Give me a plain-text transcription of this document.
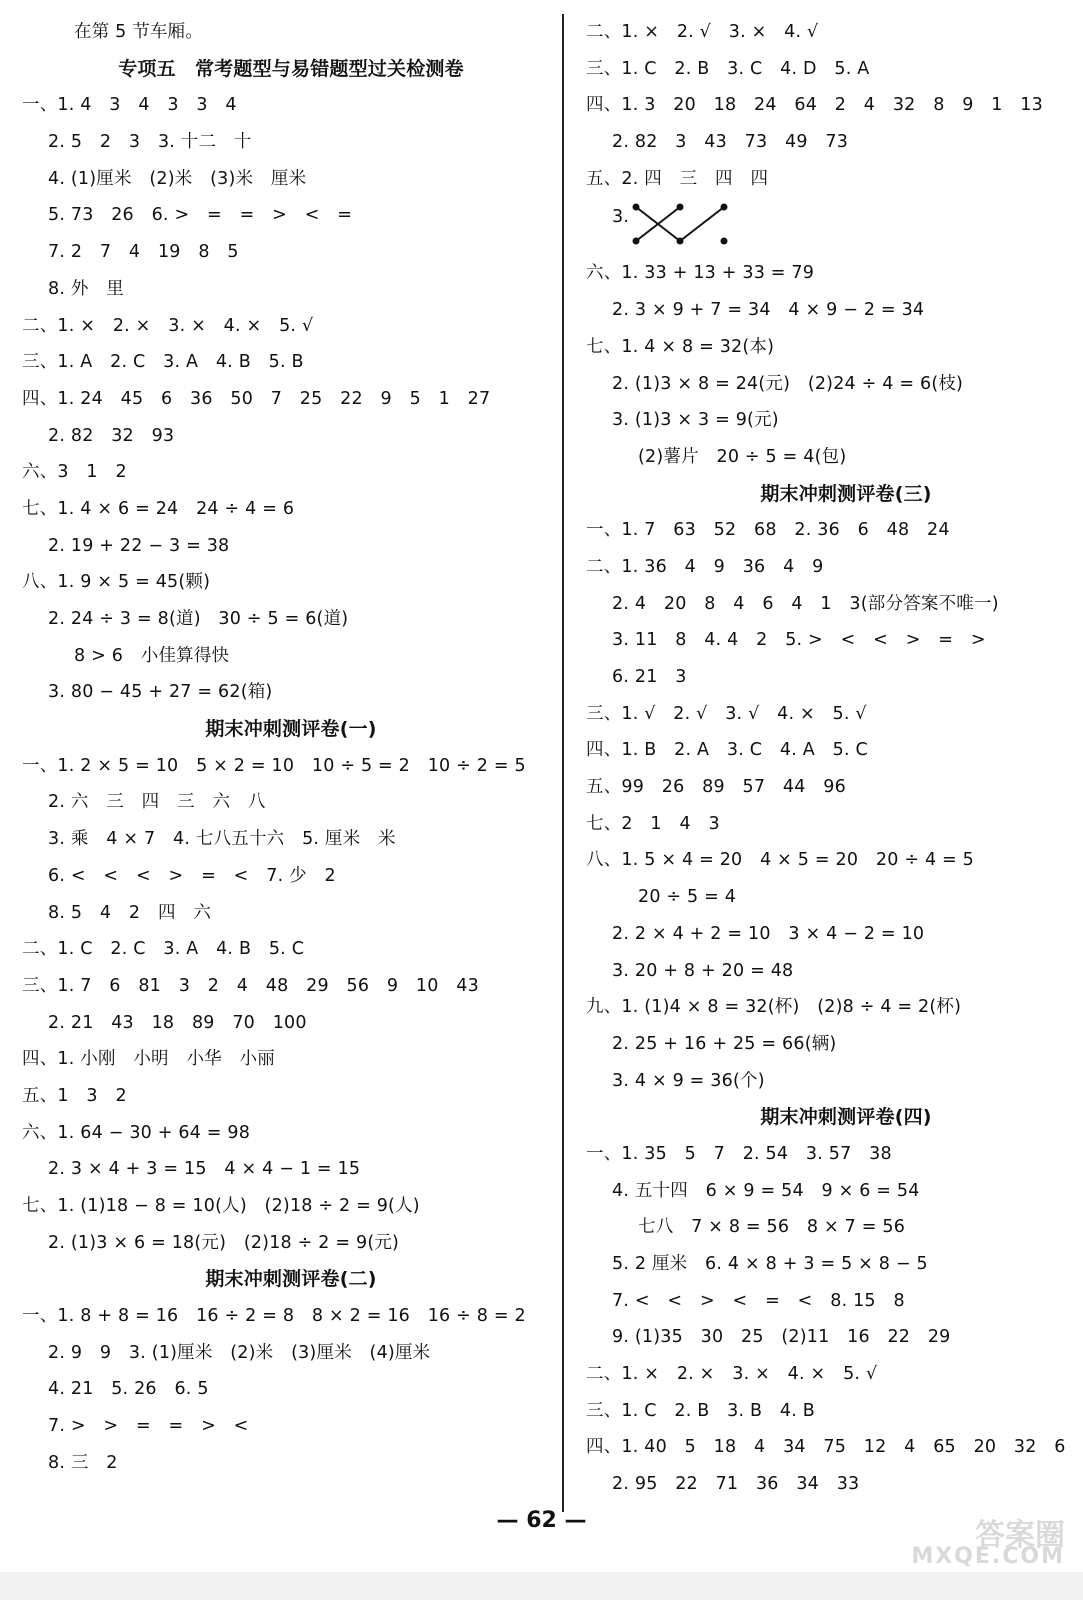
在第 5 节车厢。
专项五　常考题型与易错题型过关检测卷
一、1. 4　3　4　3　3　4
2. 5　2　3　3. 十二　十
4. (1)厘米　(2)米　(3)米　厘米
5. 73　26　6. >　=　=　>　<　=
7. 2　7　4　19　8　5
8. 外　里
二、1. ×　2. ×　3. ×　4. ×　5. √
三、1. A　2. C　3. A　4. B　5. B
四、1. 24　45　6　36　50　7　25　22　9　5　1　27
2. 82　32　93
六、3　1　2
七、1. 4 × 6 = 24　24 ÷ 4 = 6
2. 19 + 22 − 3 = 38
八、1. 9 × 5 = 45(颗)
2. 24 ÷ 3 = 8(道)　30 ÷ 5 = 6(道)
8 > 6　小佳算得快
3. 80 − 45 + 27 = 62(箱)
期末冲刺测评卷(一)
一、1. 2 × 5 = 10　5 × 2 = 10　10 ÷ 5 = 2　10 ÷ 2 = 5
2. 六　三　四　三　六　八
3. 乘　4 × 7　4. 七八五十六　5. 厘米　米
6. <　<　<　>　=　<　7. 少　2
8. 5　4　2　四　六
二、1. C　2. C　3. A　4. B　5. C
三、1. 7　6　81　3　2　4　48　29　56　9　10　43
2. 21　43　18　89　70　100
四、1. 小刚　小明　小华　小丽
五、1　3　2
六、1. 64 − 30 + 64 = 98
2. 3 × 4 + 3 = 15　4 × 4 − 1 = 15
七、1. (1)18 − 8 = 10(人)　(2)18 ÷ 2 = 9(人)
2. (1)3 × 6 = 18(元)　(2)18 ÷ 2 = 9(元)
期末冲刺测评卷(二)
一、1. 8 + 8 = 16　16 ÷ 2 = 8　8 × 2 = 16　16 ÷ 8 = 2
2. 9　9　3. (1)厘米　(2)米　(3)厘米　(4)厘米
4. 21　5. 26　6. 5
7. >　>　=　=　>　<
8. 三　2
二、1. ×　2. √　3. ×　4. √
三、1. C　2. B　3. C　4. D　5. A
四、1. 3　20　18　24　64　2　4　32　8　9　1　13
2. 82　3　43　73　49　73
五、2. 四　三　四　四
3.
六、1. 33 + 13 + 33 = 79
2. 3 × 9 + 7 = 34　4 × 9 − 2 = 34
七、1. 4 × 8 = 32(本)
2. (1)3 × 8 = 24(元)　(2)24 ÷ 4 = 6(枝)
3. (1)3 × 3 = 9(元)
(2)薯片　20 ÷ 5 = 4(包)
期末冲刺测评卷(三)
一、1. 7　63　52　68　2. 36　6　48　24
二、1. 36　4　9　36　4　9
2. 4　20　8　4　6　4　1　3(部分答案不唯一)
3. 11　8　4. 4　2　5. >　<　<　>　=　>
6. 21　3
三、1. √　2. √　3. √　4. ×　5. √
四、1. B　2. A　3. C　4. A　5. C
五、99　26　89　57　44　96
七、2　1　4　3
八、1. 5 × 4 = 20　4 × 5 = 20　20 ÷ 4 = 5
20 ÷ 5 = 4
2. 2 × 4 + 2 = 10　3 × 4 − 2 = 10
3. 20 + 8 + 20 = 48
九、1. (1)4 × 8 = 32(杯)　(2)8 ÷ 4 = 2(杯)
2. 25 + 16 + 25 = 66(辆)
3. 4 × 9 = 36(个)
期末冲刺测评卷(四)
一、1. 35　5　7　2. 54　3. 57　38
4. 五十四　6 × 9 = 54　9 × 6 = 54
七八　7 × 8 = 56　8 × 7 = 56
5. 2 厘米　6. 4 × 8 + 3 = 5 × 8 − 5
7. <　<　>　<　=　<　8. 15　8
9. (1)35　30　25　(2)11　16　22　29
二、1. ×　2. ×　3. ×　4. ×　5. √
三、1. C　2. B　3. B　4. B
四、1. 40　5　18　4　34　75　12　4　65　20　32　6
2. 95　22　71　36　34　33
— 62 —	答案圈
MXQE.COM
